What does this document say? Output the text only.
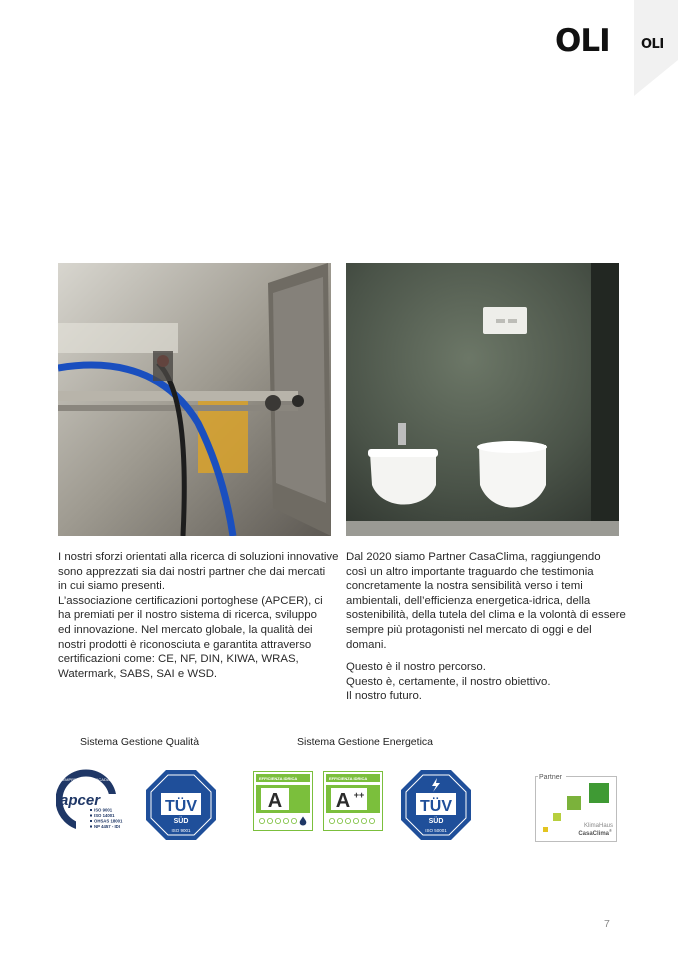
OLI OLI
I nostri sforzi orientati alla ricerca di soluzioni innovative
sono apprezzati sia dai nostri partner che dai mercati
in cui siamo presenti.
L’associazione certificazioni portoghese (APCER), ci
ha premiati per il nostro sistema di ricerca, sviluppo
ed innovazione. Nel mercato globale, la qualità dei
nostri prodotti è riconosciuta e garantita attraverso
certificazioni come: CE, NF, DIN, KIWA, WRAS,
Watermark, SABS, SAI e WSD.
Dal 2020 siamo Partner CasaClima, raggiungendo
così un altro importante traguardo che testimonia
concretamente la nostra sensibilità verso i temi
ambientali, dell’efficienza energetica-idrica, della
sostenibilità, della tutela del clima e la volontà di essere
sempre più protagonisti nel mercato di oggi e del
domani.
Questo è il nostro percorso.
Questo è, certamente, il nostro obiettivo.
Il nostro futuro.
Sistema Gestione Qualità	Sistema Gestione Energetica
EMPRESA CERTIFICADA
apcer
ISO 9001
ISO 14001
OHSAS 18001
NP 4457 - IDI
TÜV
SÜD
ISO 9001
EFFICIENZA IDRICA
A
EFFICIENZA IDRICA
A ++
TÜV
SÜD
ISO 50001
Partner
KlimaHaus
CasaClima
®
7
